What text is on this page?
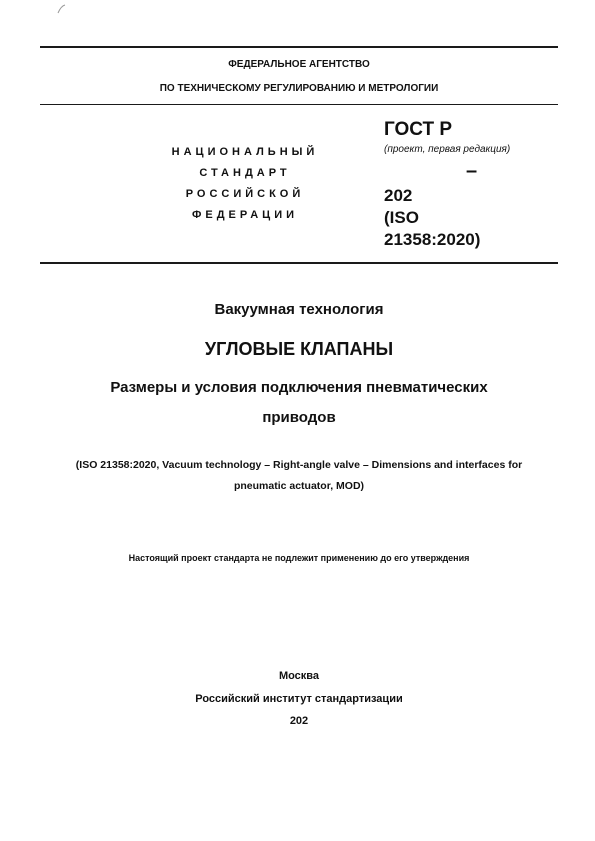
ФЕДЕРАЛЬНОЕ АГЕНТСТВО
ПО ТЕХНИЧЕСКОМУ РЕГУЛИРОВАНИЮ И МЕТРОЛОГИИ
НАЦИОНАЛЬНЫЙ
СТАНДАРТ
РОССИЙСКОЙ
ФЕДЕРАЦИИ
ГОСТ Р
(проект, первая редакция)
–
202
(ISO
21358:2020)
Вакуумная технология
УГЛОВЫЕ КЛАПАНЫ
Размеры и условия подключения пневматических
приводов
(ISO 21358:2020, Vacuum technology – Right-angle valve – Dimensions and interfaces for
pneumatic actuator, MOD)
Настоящий проект стандарта не подлежит применению до его утверждения
Москва
Российский институт стандартизации
202
